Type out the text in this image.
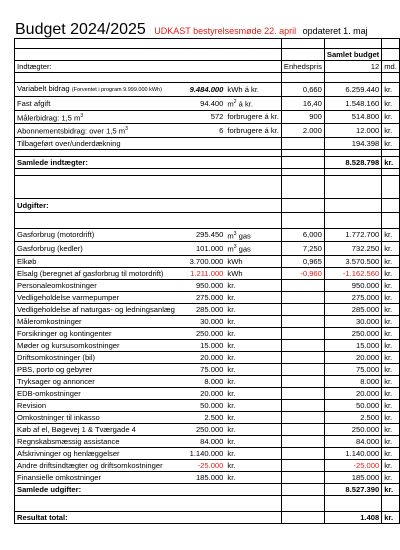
Budget 2024/2025 UDKAST bestyrelsesmøde 22. april opdateret 1. maj

				Samlet budget	
Indtægter:			Enhedspris	12	md.

Variabelt bidrag (Forventet i program 9.999.000 kWh)	9.484.000	kWh á kr.	0,660	6.259.440	kr.
Fast afgift	94.400	$m^2$ á kr.	16,40	1.548.160	kr.
Målerbidrag: 1,5 $m^3$	572	forbrugere á kr.	900	514.800	kr.
Abonnementsbidrag: over 1,5 $m^3$	6	forbrugere á kr.	2.000	12.000	kr.
Tilbageført over/underdækning				194.398	kr.

Samlede indtægter:				8.528.798	kr.

Udgifter:					

Gasforbrug (motordrift)	295.450	$m^3$ gas	6,000	1.772.700	kr.
Gasforbrug (kedler)	101.000	$m^3$ gas	7,250	732.250	kr.
Elkøb	3.700.000	kWh	0,965	3.570.500	kr.
Elsalg (beregnet af gasforbrug til motordrift)	1.211.000	kWh	-0,960	-1.162.560	kr.
Personaleomkostninger	950.000	kr.		950.000	kr.
Vedligeholdelse varmepumper	275.000	kr.		275.000	kr.
Vedligeholdelse af naturgas- og ledningsanlæg	285.000	kr.		285.000	kr.
Måleromkostninger	30.000	kr.		30.000	kr.
Forsikringer og kontingenter	250.000	kr.		250.000	kr.
Møder og kursusomkostninger	15.000	kr.		15.000	kr.
Driftsomkostninger (bil)	20.000	kr.		20.000	kr.
PBS, porto og gebyrer	75.000	kr.		75.000	kr.
Tryksager og annoncer	8.000	kr.		8.000	kr.
EDB-omkostninger	20.000	kr.		20.000	kr.
Revision	50.000	kr.		50.000	kr.
Omkostninger til inkasso	2.500	kr.		2.500	kr.
Køb af el, Bøgevej 1 & Tværgade 4	250.000	kr.		250.000	kr.
Regnskabsmæssig assistance	84.000	kr.		84.000	kr.
Afskrivninger og henlæggelser	1.140.000	kr.		1.140.000	kr.
Andre driftsindtægter og driftsomkostninger	-25.000	kr.		-25.000	kr.
Finansielle omkostninger	185.000	kr.		185.000	kr.
Samlede udgifter:				8.527.390	kr.

Resultat total:				1.408	kr.
